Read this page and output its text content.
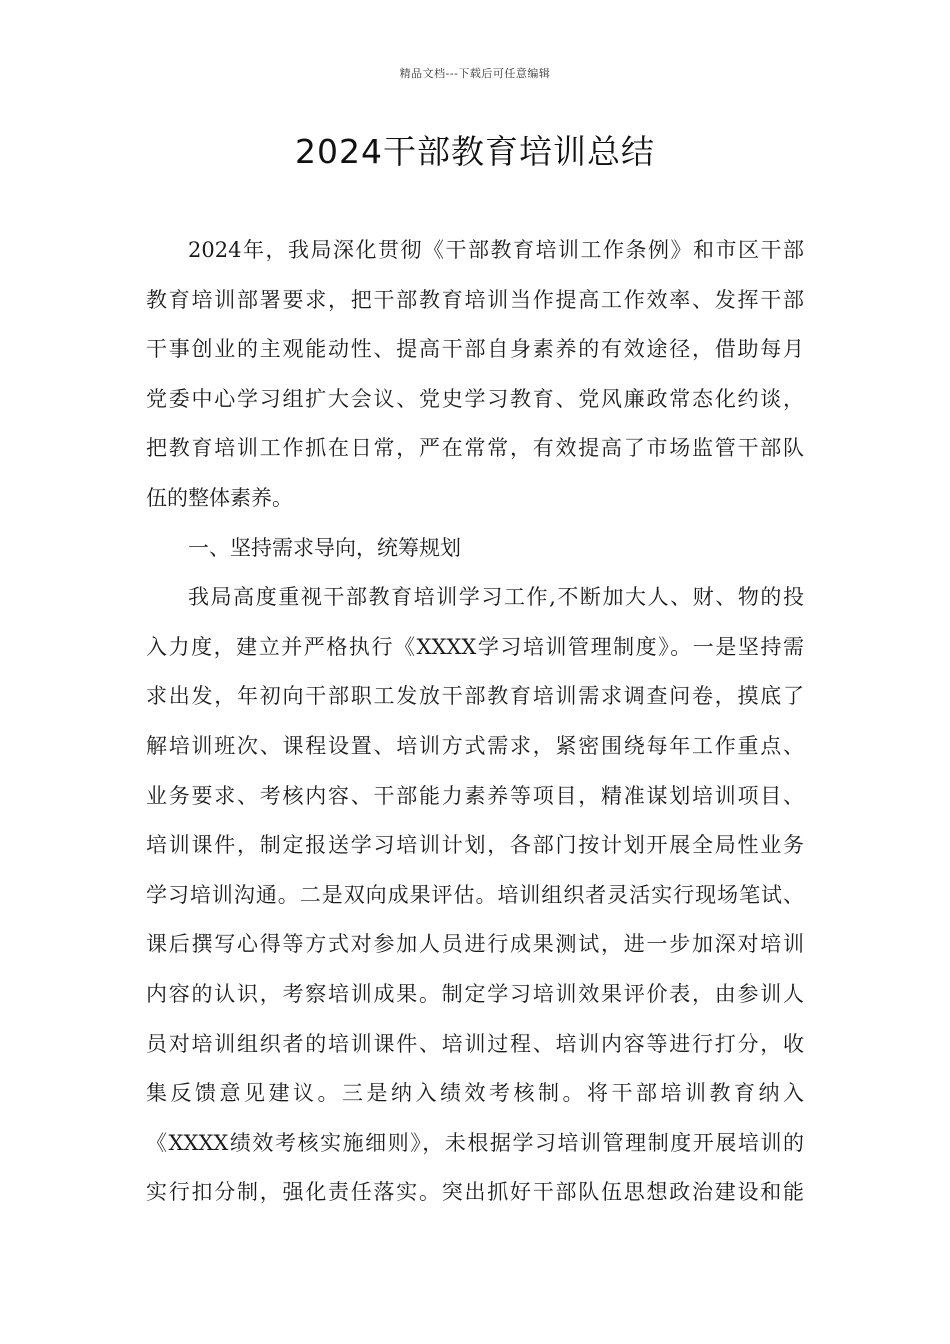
精品文档---下载后可任意编辑
2024干部教育培训总结
2024年，我局深化贯彻《干部教育培训工作条例》和市区干部
教育培训部署要求，把干部教育培训当作提高工作效率、发挥干部
干事创业的主观能动性、提高干部自身素养的有效途径，借助每月
党委中心学习组扩大会议、党史学习教育、党风廉政常态化约谈，
把教育培训工作抓在日常，严在常常，有效提高了市场监管干部队
伍的整体素养。
一、坚持需求导向，统筹规划
我局高度重视干部教育培训学习工作,不断加大人、财、物的投
入力度，建立并严格执行《XXXX学习培训管理制度》。一是坚持需
求出发，年初向干部职工发放干部教育培训需求调查问卷，摸底了
解培训班次、课程设置、培训方式需求，紧密围绕每年工作重点、
业务要求、考核内容、干部能力素养等项目，精准谋划培训项目、
培训课件，制定报送学习培训计划，各部门按计划开展全局性业务
学习培训沟通。二是双向成果评估。培训组织者灵活实行现场笔试、
课后撰写心得等方式对参加人员进行成果测试，进一步加深对培训
内容的认识，考察培训成果。制定学习培训效果评价表，由参训人
员对培训组织者的培训课件、培训过程、培训内容等进行打分，收
集反馈意见建议。三是纳入绩效考核制。将干部培训教育纳入
《XXXX绩效考核实施细则》，未根据学习培训管理制度开展培训的
实行扣分制，强化责任落实。突出抓好干部队伍思想政治建设和能
